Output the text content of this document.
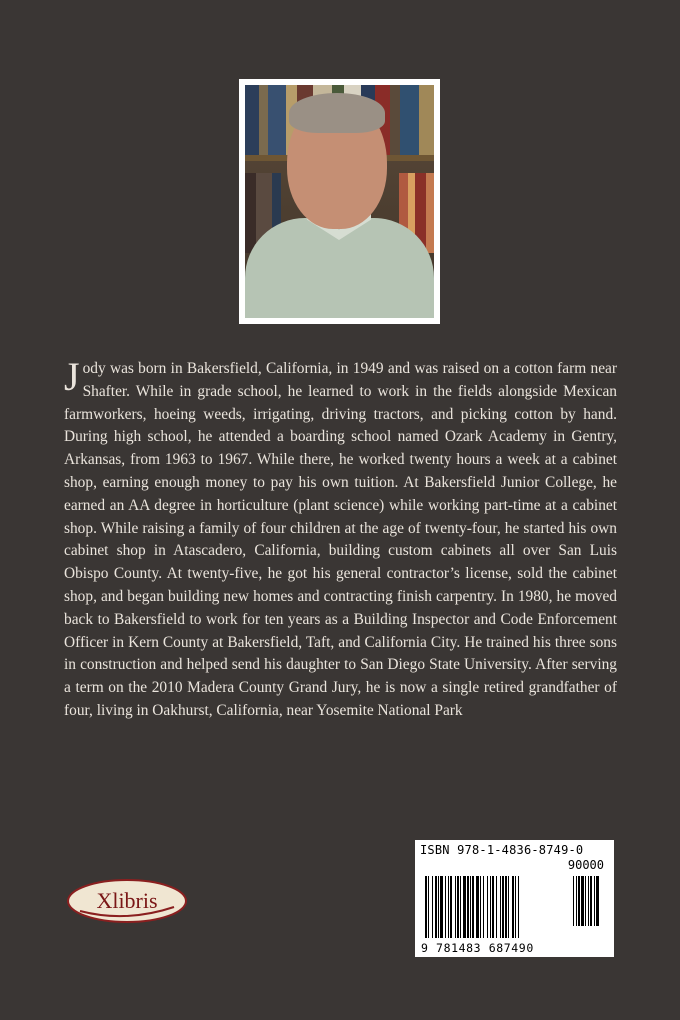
Jody was born in Bakersfield, California, in 1949 and was raised on a cotton farm near Shafter. While in grade school, he learned to work in the fields alongside Mexican farmworkers, hoeing weeds, irrigating, driving tractors, and picking cotton by hand. During high school, he attended a boarding school named Ozark Academy in Gentry, Arkansas, from 1963 to 1967. While there, he worked twenty hours a week at a cabinet shop, earning enough money to pay his own tuition. At Bakersfield Junior College, he earned an AA degree in horticulture (plant science) while working part-time at a cabinet shop. While raising a family of four children at the age of twenty-four, he started his own cabinet shop in Atascadero, California, building custom cabinets all over San Luis Obispo County. At twenty-five, he got his general contractor’s license, sold the cabinet shop, and began building new homes and contracting finish carpentry. In 1980, he moved back to Bakersfield to work for ten years as a Building Inspector and Code Enforcement Officer in Kern County at Bakersfield, Taft, and California City. He trained his three sons in construction and helped send his daughter to San Diego State University. After serving a term on the 2010 Madera County Grand Jury, he is now a single retired grandfather of four, living in Oakhurst, California, near Yosemite National Park
Xlibris
ISBN 978-1-4836-8749-0
90000
9 781483 687490
